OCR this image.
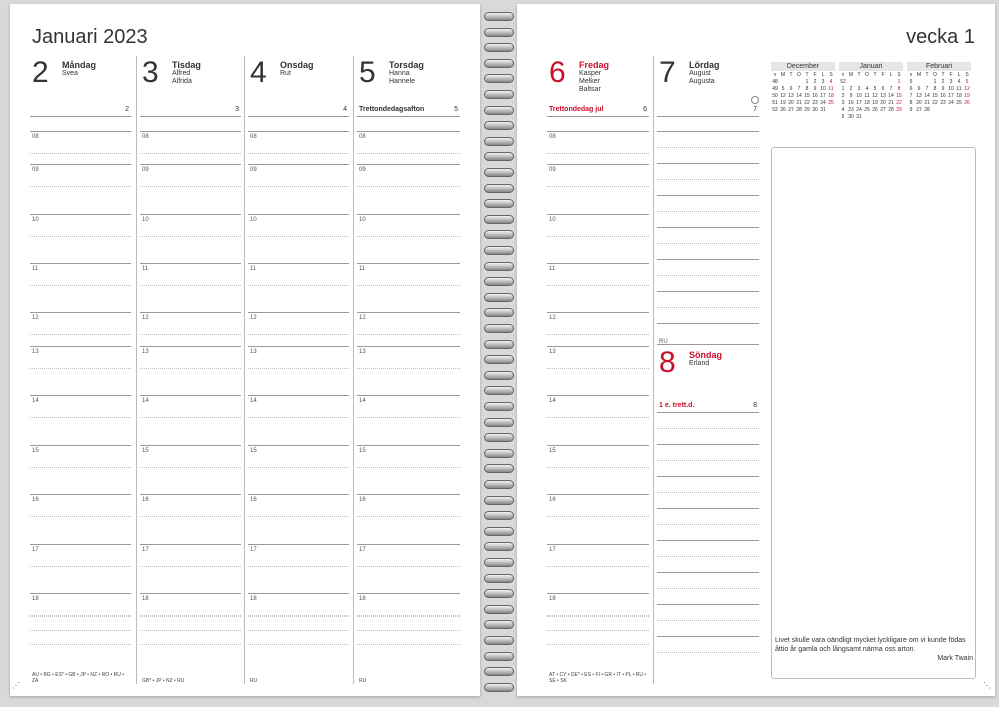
Januari 2023
2 Måndag
Svea
2
08
09
10
11
12
13
14
15
16
17
18
AU • BG • ES* • GB • JP • NZ • RO • RU • ZA
3 Tisdag
Alfred
Alfrida
3
08
09
10
11
12
13
14
15
16
17
18
GB* • JP • NZ • RU
4 Onsdag
Rut
4
08
09
10
11
12
13
14
15
16
17
18
RU
5 Torsdag
Hanna
Hannele
5
Trettondedagsafton
08
09
10
11
12
13
14
15
16
17
18
RU
⋰
vecka 1
6 Fredag
Kasper
Melker
Baltsar
6
Trettondedag jul
08
09
10
11
12
13
14
15
16
17
18
AT • CY • DE* • ES • FI • GR • IT • PL • RU • SE • SK
7 Lördag
August
Augusta
7
RU
8 Söndag
Erland
1 e. trett.d.	8
Livet skulle vara oändligt mycket lyckligare om vi kunde födas åttio år gamla och långsamt närma oss arton.
Mark Twain
⋱
December
v	M	T	O	T	F	L	S
48				1	2	3	4
49	5	6	7	8	9	10	11
50	12	13	14	15	16	17	18
51	19	20	21	22	23	24	25
52	26	27	28	29	30	31	
Januari
v	M	T	O	T	F	L	S
52							1
1	2	3	4	5	6	7	8
2	9	10	11	12	13	14	15
3	16	17	18	19	20	21	22
4	23	24	25	26	27	28	29
5	30	31					
Februari
v	M	T	O	T	F	L	S
5			1	2	3	4	5
6	6	7	8	9	10	11	12
7	13	14	15	16	17	18	19
8	20	21	22	23	24	25	26
9	27	28					
